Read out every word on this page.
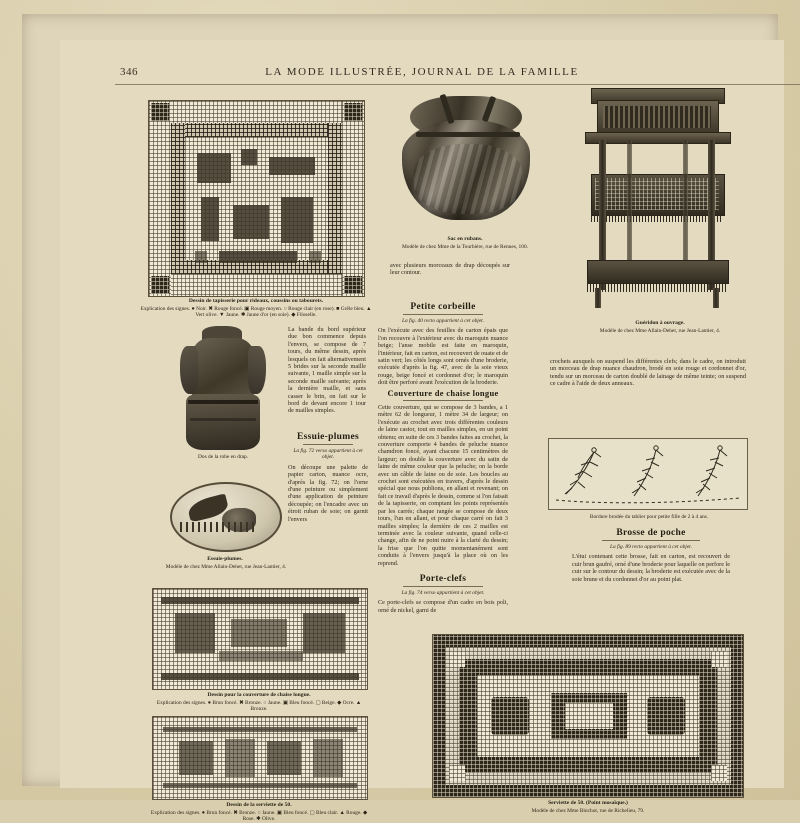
346	LA MODE ILLUSTRÉE, JOURNAL DE LA FAMILLE
Dessin de tapisserie pour rideaux, coussins ou tabourets.
Explication des signes. ● Noir. ✖ Rouge foncé. ▣ Rouge moyen. ○ Rouge clair (en rose). ■ Grêle bleu. ▲ Vert olive. ▼ Jaune. ✱ Jaune d'or (en soie). ◆ Filoselle.
Sac en rubans.
Modèle de chez Mme de la Tourbiére, rue de Rennes, 100.
Guéridon à ouvrage.
Modèle de chez Mme Allain-Dehet, rue Jean-Lantier, 4.
Dos de la robe en drap.
Essuie-plumes.
Modèle de chez Mme Allain-Dehet, rue Jean-Lantier, 4.
Dessin pour la couverture de chaise longue.
Explication des signes. ● Brun foncé. ✖ Bronze. ○ Jaune. ▣ Bleu foncé. ▢ Beige. ◆ Ocre. ▲ Bronze.
Dessin de la serviette de 50.
Explication des signes. ● Brun foncé. ✖ Bronze. ○ Jaune. ▣ Bleu foncé. ▢ Bleu clair. ▲ Rouge. ◆ Rose. ✱ Olive.
Bordure brodée du tablier pour petite fille de 2 à 4 ans.
Serviette de 50. (Point mosaïque.)
Modèle de chez Mme Binchot, rue de Richelieu, 79.
La bande du bord supérieur due bon commence depuis l'envers, se compose de 7 tours, du même dessin, après lesquels on fait alternativement 5 brides sur la seconde maille suivante, 1 maille simple sur la seconde maille suivante; après la dernière maille, et sans casser le brin, on fait sur le bord de devant encore 1 tour de mailles simples.
Essuie-plumes
La fig. 72 verso appartient à cet objet.
On découpe une palette de papier carton, nuance ocre, d'après la fig. 72; on l'orne d'une peinture ou simplement d'une application de peinture découpée; on l'encadre avec un étroit ruban de soie; on garnit l'envers
Petite corbeille
La fig. 40 recto appartient à cet objet.
On l'exécute avec des feuilles de carton épais que l'on recouvre à l'extérieur avec du maroquin nuance beige; l'anse mobile est faite en maroquin, l'intérieur, fait en carton, est recouvert de ouate et de satin vert; les côtés longs sont ornés d'une broderie, exécutée d'après la fig. 47, avec de la soie vieux rouge, beige foncé et cordonnet d'or; le maroquin doit être perforé avant l'exécution de la broderie.
Couverture de chaise longue
Cette couverture, qui se compose de 3 bandes, a 1 mètre 62 de longueur, 1 mètre 34 de largeur; on l'exécute au crochet avec trois différentes couleurs de laine castor, tout en mailles simples, en un point obtenu; en suite de ces 3 bandes faites au crochet, la couverture comporte 4 bandes de peluche nuance chamdron foncé, ayant chacune 15 centimètres de largeur; on double la couverture avec du satin de laine de même couleur que la peluche; on la borde avec un câble de laine ou de soie. Les boucles au crochet sont exécutées en travers, d'après le dessin spécial que nous publions, en allant et revenant; on fait ce travail d'après le dessin, comme si l'on faisait de la tapisserie, on comptant les points représentés par les carrés; chaque rangée se compose de deux tours, l'un en allant, et pour chaque carré on fait 3 mailles simples; la dernière de ces 2 mailles est terminée avec la couleur suivante, quand celle-ci change, afin de ne point nuire à la clarté du dessin; la frise que l'on quitte momentanément sont conduits à l'envers jusqu'à la place où on les reprend.
Porte-clefs
La fig. 74 verso appartient à cet objet.
Ce porte-clefs se compose d'un cadre en bois poli, orné de nickel, garni de
avec plusieurs morceaux de drap découpés sur leur contour.
crochets auxquels on suspend les différentes clefs; dans le cadre, on introduit un morceau de drap nuance chaudron, brodé en soie rouge et cordonnet d'or, tendu sur un morceau de carton doublé de lainage de même teinte; on suspend ce cadre à l'aide de deux anneaux.
Brosse de poche
La fig. 89 recto appartient à cet objet.
L'étui contenant cette brosse, fait en carton, est recouvert de cuir brun gaufré, orné d'une broderie pour laquelle on perfore le cuir sur le contour du dessin; la broderie est exécutée avec de la soie brune et du cordonnet d'or au point plat.
